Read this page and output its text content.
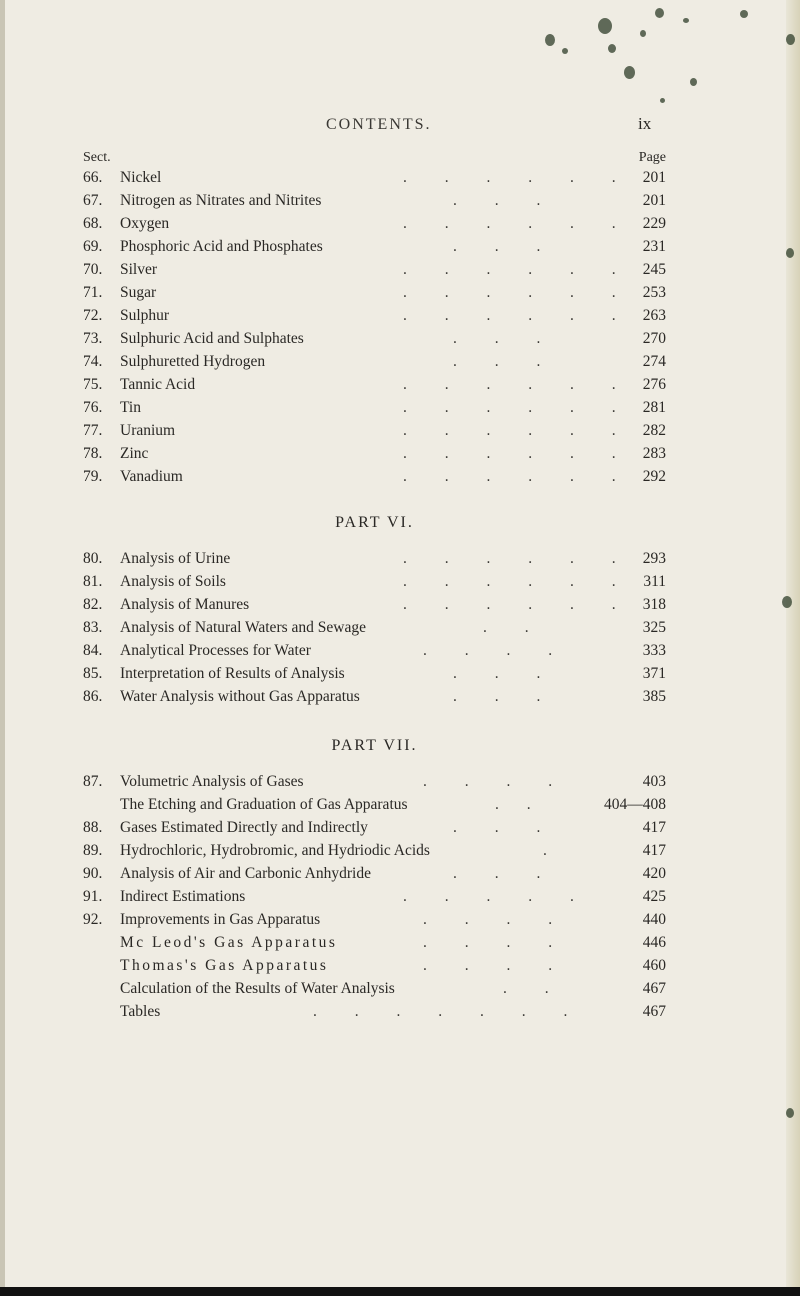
CONTENTS.	ix
Sect.	Page
66. Nickel	. . . . . . 201
67. Nitrogen as Nitrates and Nitrites	. . .	201
68. Oxygen	. . . . . . 229
69. Phosphoric Acid and Phosphates	. . .	231
70. Silver	. . . . . . 245
71. Sugar	. . . . . . 253
72. Sulphur	. . . . . . 263
73. Sulphuric Acid and Sulphates	. . .	270
74. Sulphuretted Hydrogen	. . .	274
75. Tannic Acid	. . . . . . 276
76. Tin	. . . . . . 281
77. Uranium	. . . . . . 282
78. Zinc	. . . . . . 283
79. Vanadium	. . . . . . 292
PART VI.
80. Analysis of Urine	. . . . . . 293
81. Analysis of Soils	. . . . . . 311
82. Analysis of Manures	. . . . . . 318
83. Analysis of Natural Waters and Sewage	. .	325
84. Analytical Processes for Water	. . . .	333
85. Interpretation of Results of Analysis	. . .	371
86. Water Analysis without Gas Apparatus	. . .	385
PART VII.
87. Volumetric Analysis of Gases	. . . .	403
The Etching and Graduation of Gas Apparatus	. .	404—408
88. Gases Estimated Directly and Indirectly	. . .	417
89. Hydrochloric, Hydrobromic, and Hydriodic Acids	.	417
90. Analysis of Air and Carbonic Anhydride	. . .	420
91. Indirect Estimations	. . . . .	425
92. Improvements in Gas Apparatus	. . . .	440
Mc Leod's Gas Apparatus	. . . .	446
Thomas's Gas Apparatus	. . . .	460
Calculation of the Results of Water Analysis	. .	467
Tables	. . . . . . .	467
